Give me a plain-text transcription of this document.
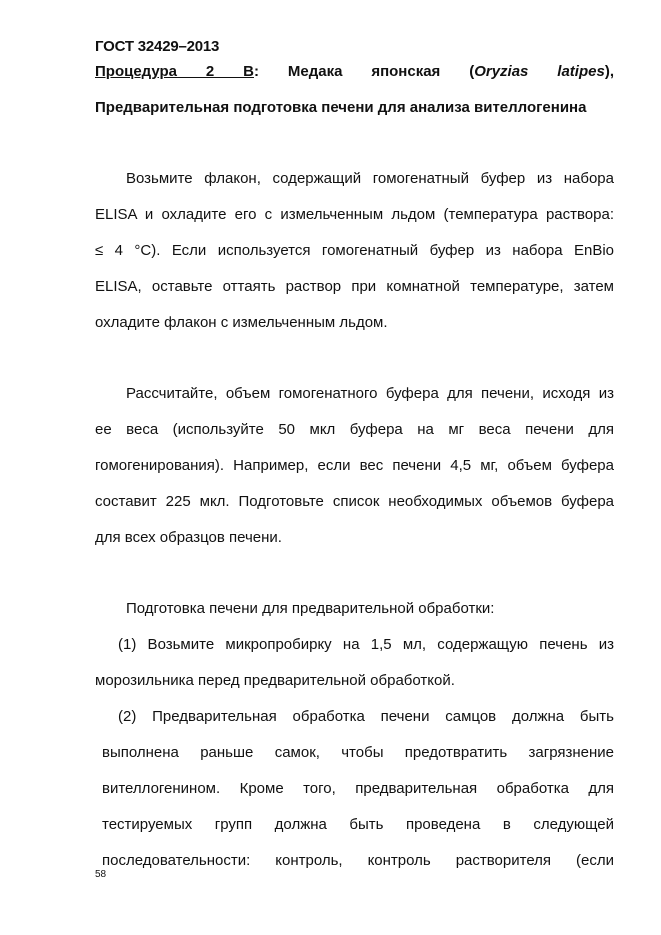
ГОСТ 32429–2013
Процедура 2 В: Медака японская (Oryzias latipes),
Предварительная подготовка печени для анализа вителлогенина
Возьмите флакон, содержащий гомогенатный буфер из набора
ELISA и охладите его с измельченным льдом (температура раствора:
≤ 4 °С). Если используется гомогенатный буфер из набора EnBio
ELISA, оставьте оттаять раствор при комнатной температуре, затем
охладите флакон с измельченным льдом.
Рассчитайте, объем гомогенатного буфера для печени, исходя из
ее веса (используйте 50 мкл буфера на мг веса печени для
гомогенирования). Например, если вес печени 4,5 мг, объем буфера
составит 225 мкл. Подготовьте список необходимых объемов буфера
для всех образцов печени.
Подготовка печени для предварительной обработки:
(1) Возьмите микропробирку на 1,5 мл, содержащую печень из
морозильника перед предварительной обработкой.
(2) Предварительная обработка печени самцов должна быть
выполнена раньше самок, чтобы предотвратить загрязнение
вителлогенином. Кроме того, предварительная обработка для
тестируемых групп должна быть проведена в следующей
последовательности: контроль, контроль растворителя (если
58
